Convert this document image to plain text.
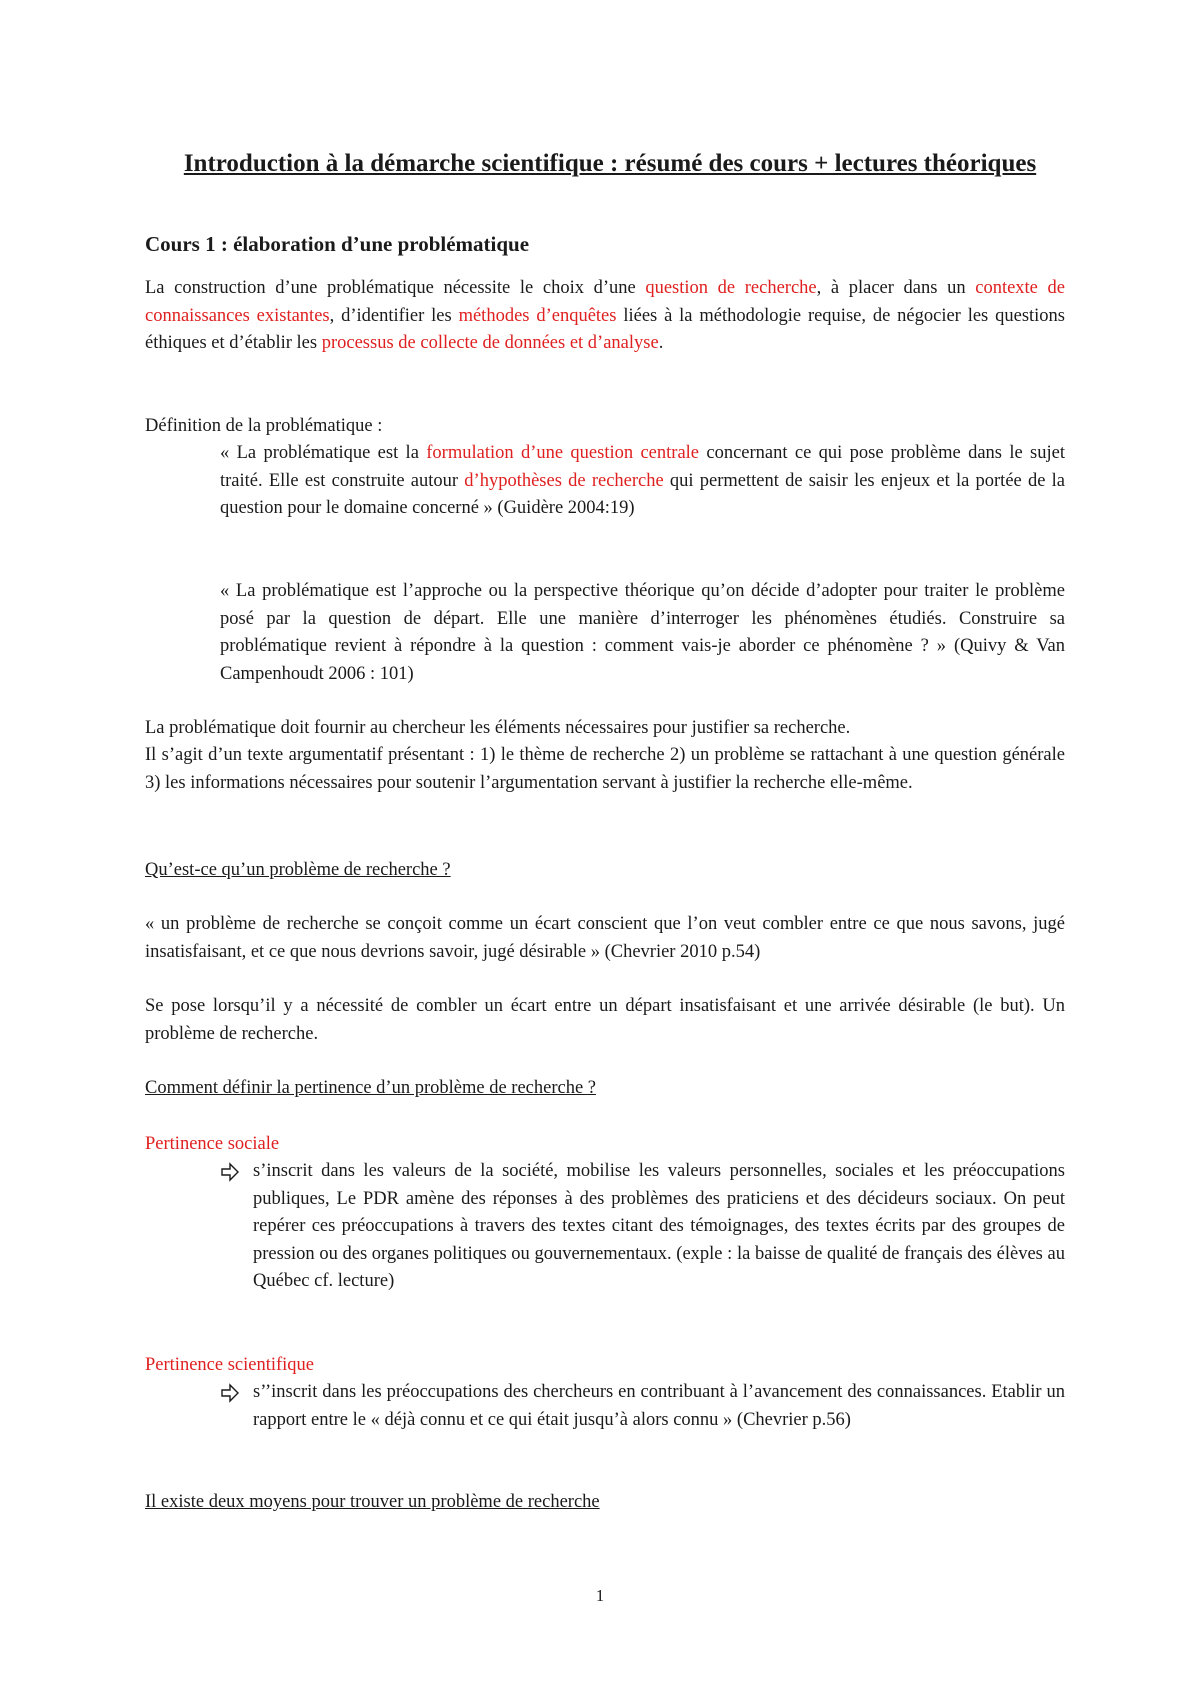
Introduction à la démarche scientifique : résumé des cours + lectures théoriques
Cours 1 : élaboration d’une problématique
La construction d’une problématique nécessite le choix d’une question de recherche, à placer dans un contexte de connaissances existantes, d’identifier les méthodes d’enquêtes liées à la méthodologie requise, de négocier les questions éthiques et d’établir les processus de collecte de données et d’analyse.
Définition de la problématique :
« La problématique est la formulation d’une question centrale concernant ce qui pose problème dans le sujet traité. Elle est construite autour d’hypothèses de recherche qui permettent de saisir les enjeux et la portée de la question pour le domaine concerné » (Guidère 2004:19)
« La problématique est l’approche ou la perspective théorique qu’on décide d’adopter pour traiter le problème posé par la question de départ. Elle une manière d’interroger les phénomènes étudiés. Construire sa problématique revient à répondre à la question : comment vais-je aborder ce phénomène ? » (Quivy & Van Campenhoudt 2006 : 101)
La problématique doit fournir au chercheur les éléments nécessaires pour justifier sa recherche.
Il s’agit d’un texte argumentatif présentant : 1) le thème de recherche 2) un problème se rattachant à une question générale 3) les informations nécessaires pour soutenir l’argumentation servant à justifier la recherche elle-même.
Qu’est-ce qu’un problème de recherche ?
« un problème de recherche se conçoit comme un écart conscient que l’on veut combler entre ce que nous savons, jugé insatisfaisant, et ce que nous devrions savoir, jugé désirable » (Chevrier 2010 p.54)
Se pose lorsqu’il y a nécessité de combler un écart entre un départ insatisfaisant et une arrivée désirable (le but). Un problème de recherche.
Comment définir la pertinence d’un problème de recherche ?
Pertinence sociale
s’inscrit dans les valeurs de la société, mobilise les valeurs personnelles, sociales et les préoccupations publiques, Le PDR amène des réponses à des problèmes des praticiens et des décideurs sociaux. On peut repérer ces préoccupations à travers des textes citant des témoignages, des textes écrits par des groupes de pression ou des organes politiques ou gouvernementaux. (exple : la baisse de qualité de français des élèves au Québec cf. lecture)
Pertinence scientifique
s’’inscrit dans les préoccupations des chercheurs en contribuant à l’avancement des connaissances. Etablir un rapport entre le « déjà connu et ce qui était jusqu’à alors connu » (Chevrier p.56)
Il existe deux moyens pour trouver un problème de recherche
1
